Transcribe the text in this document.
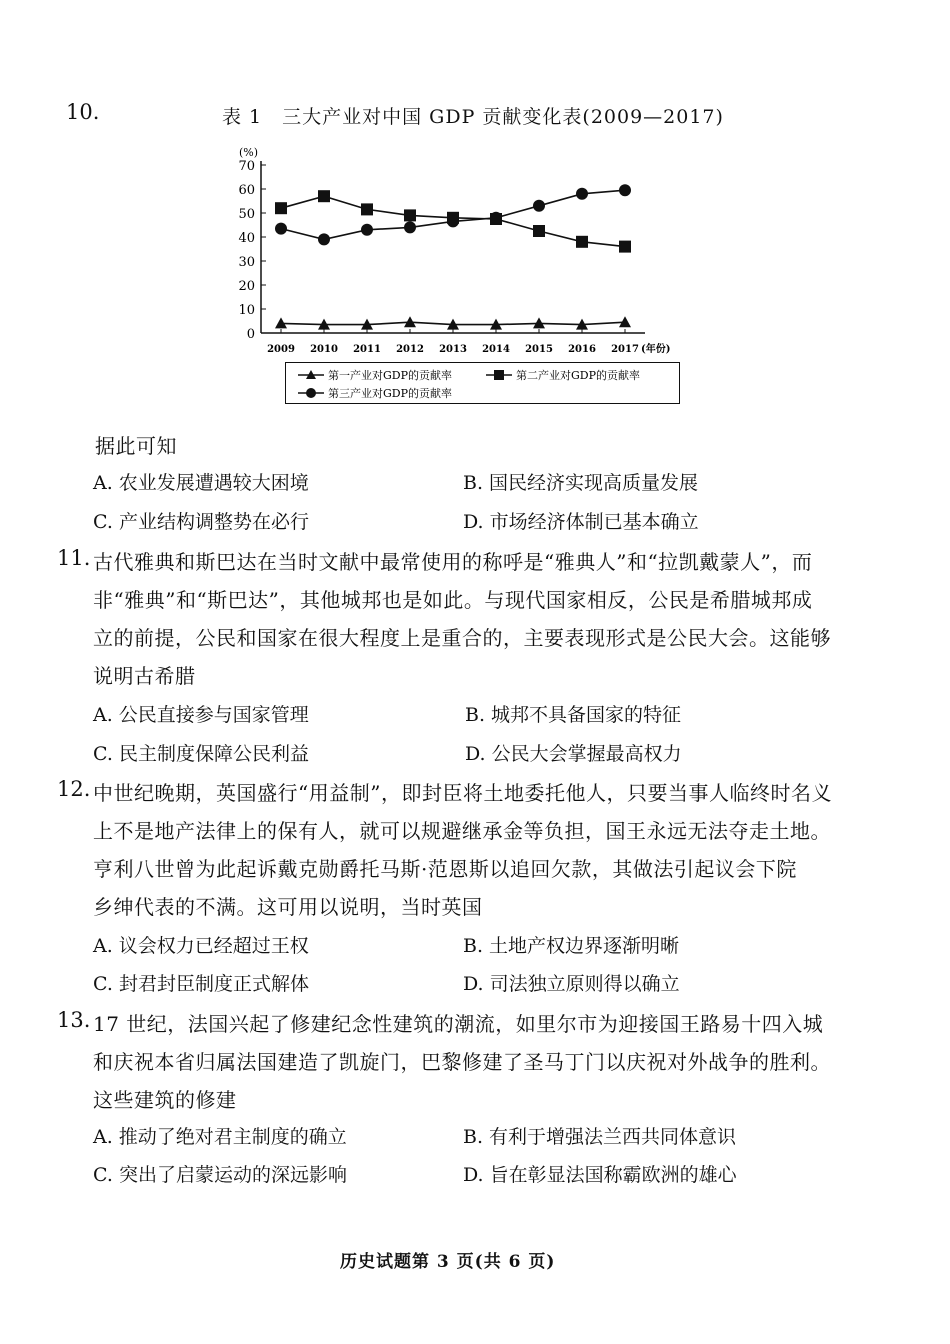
10.	表 1　三大产业对中国 GDP 贡献变化表(2009—2017)
0
10
20
30
40
50
60
70
(%)
2009 2010 2011 2012 2013 2014 2015 2016 2017 (年份)
第一产业对GDP的贡献率	第二产业对GDP的贡献率
第三产业对GDP的贡献率
据此可知
A. 农业发展遭遇较大困境	B. 国民经济实现高质量发展
C. 产业结构调整势在必行	D. 市场经济体制已基本确立
11. 古代雅典和斯巴达在当时文献中最常使用的称呼是“雅典人”和“拉凯戴蒙人”，而
非“雅典”和“斯巴达”，其他城邦也是如此。与现代国家相反，公民是希腊城邦成
立的前提，公民和国家在很大程度上是重合的，主要表现形式是公民大会。这能够
说明古希腊
A. 公民直接参与国家管理	B. 城邦不具备国家的特征
C. 民主制度保障公民利益	D. 公民大会掌握最高权力
12. 中世纪晚期，英国盛行“用益制”，即封臣将土地委托他人，只要当事人临终时名义
上不是地产法律上的保有人，就可以规避继承金等负担，国王永远无法夺走土地。
亨利八世曾为此起诉戴克勋爵托马斯·范恩斯以追回欠款，其做法引起议会下院
乡绅代表的不满。这可用以说明，当时英国
A. 议会权力已经超过王权	B. 土地产权边界逐渐明晰
C. 封君封臣制度正式解体	D. 司法独立原则得以确立
13. 17 世纪，法国兴起了修建纪念性建筑的潮流，如里尔市为迎接国王路易十四入城
和庆祝本省归属法国建造了凯旋门，巴黎修建了圣马丁门以庆祝对外战争的胜利。
这些建筑的修建
A. 推动了绝对君主制度的确立	B. 有利于增强法兰西共同体意识
C. 突出了启蒙运动的深远影响	D. 旨在彰显法国称霸欧洲的雄心
历史试题第 3 页(共 6 页)
